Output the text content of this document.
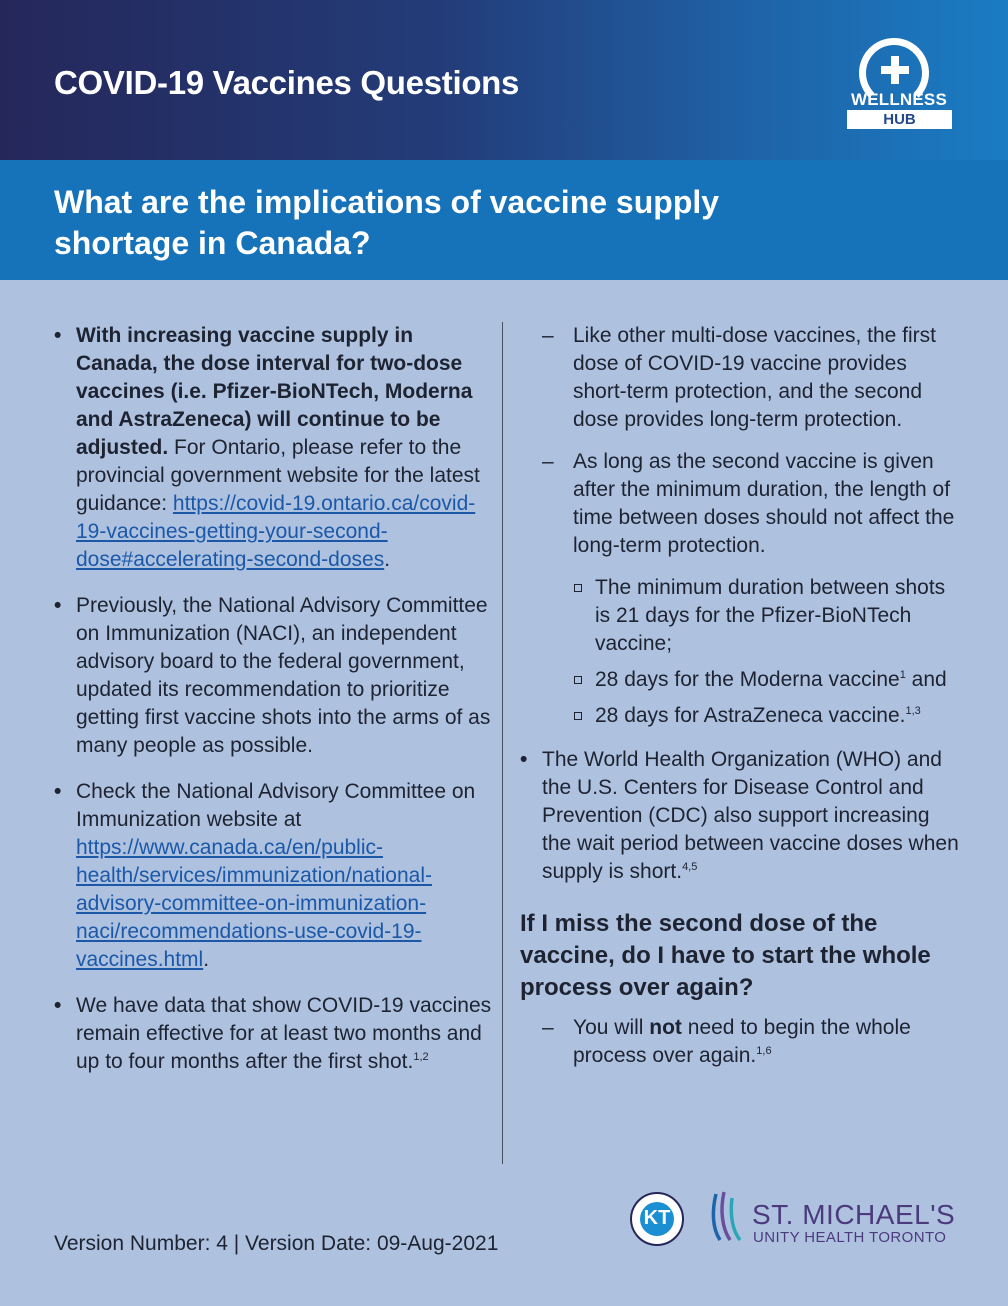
COVID-19 Vaccines Questions	WELLNESS
HUB
What are the implications of vaccine supply shortage in Canada?
• With increasing vaccine supply in Canada, the dose interval for two-dose vaccines (i.e. Pfizer-BioNTech, Moderna and AstraZeneca) will continue to be adjusted. For Ontario, please refer to the provincial government website for the latest guidance: https://covid-19.ontario.ca/covid-19-vaccines-getting-your-second-dose#accelerating-second-doses.
• Previously, the National Advisory Committee on Immunization (NACI), an independent advisory board to the federal government, updated its recommendation to prioritize getting first vaccine shots into the arms of as many people as possible.
• Check the National Advisory Committee on Immunization website at https://www.canada.ca/en/public-health/services/immunization/national-advisory-committee-on-immunization-naci/recommendations-use-covid-19-vaccines.html.
• We have data that show COVID-19 vaccines remain effective for at least two months and up to four months after the first shot.$^{1,2}$
– Like other multi-dose vaccines, the first dose of COVID-19 vaccine provides short-term protection, and the second dose provides long-term protection.
– As long as the second vaccine is given after the minimum duration, the length of time between doses should not affect the long-term protection.
The minimum duration between shots is 21 days for the Pfizer-BioNTech vaccine;
28 days for the Moderna vaccine$^1$ and
28 days for AstraZeneca vaccine.$^{1,3}$
• The World Health Organization (WHO) and the U.S. Centers for Disease Control and Prevention (CDC) also support increasing the wait period between vaccine doses when supply is short.$^{4,5}$
If I miss the second dose of the vaccine, do I have to start the whole process over again?
– You will not need to begin the whole process over again.$^{1,6}$
Version Number: 4 | Version Date: 09-Aug-2021
KT	ST. MICHAEL'S
UNITY HEALTH TORONTO
